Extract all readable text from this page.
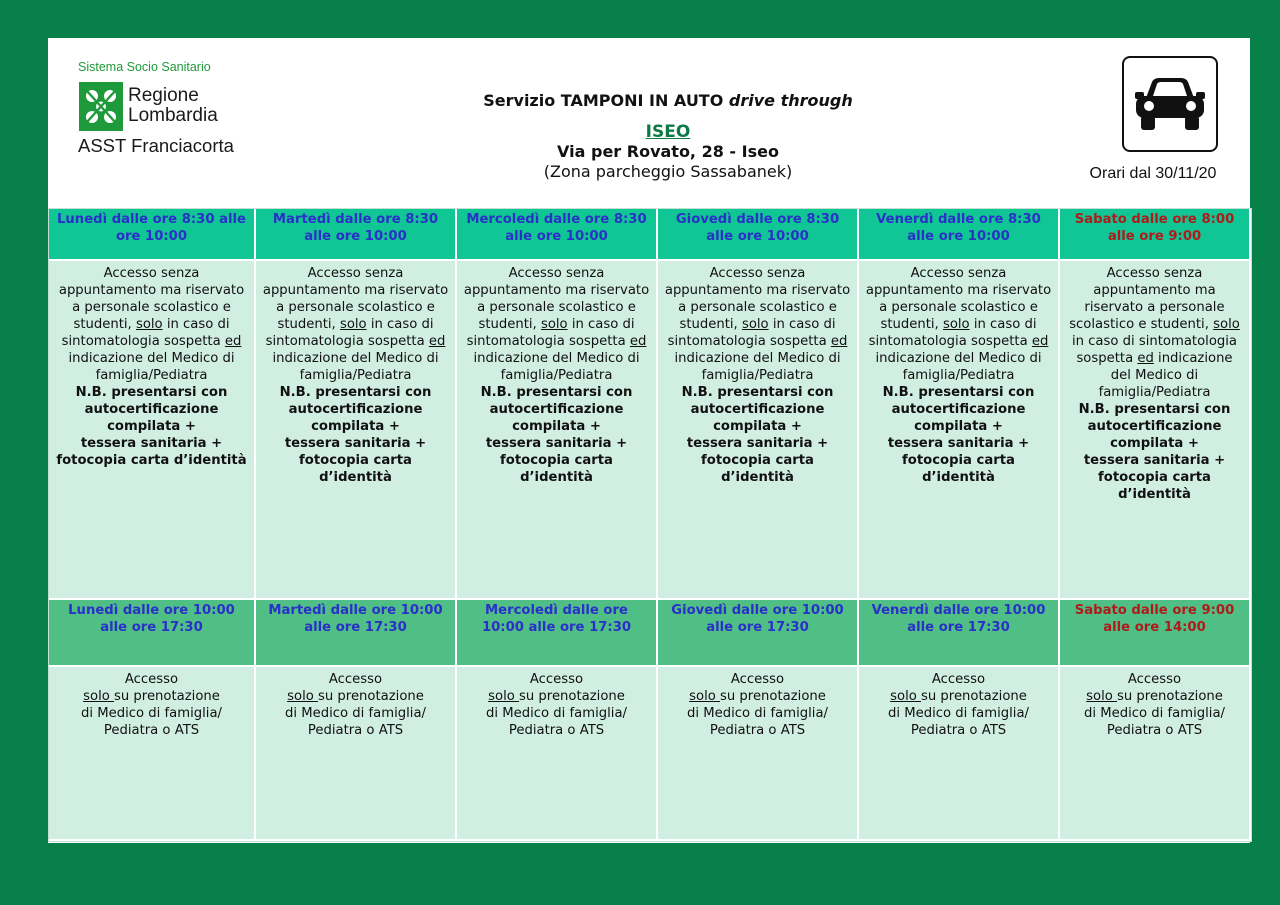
Sistema Socio Sanitario
Regione
Lombardia
ASST Franciacorta
Servizio TAMPONI IN AUTO drive through
ISEO
Via per Rovato, 28 - Iseo
(Zona parcheggio Sassabanek)	Orari dal 30/11/20
Lunedì dalle ore 8:30 alle ore 10:00
Martedì dalle ore 8:30 alle ore 10:00
Mercoledì dalle ore 8:30 alle ore 10:00
Giovedì dalle ore 8:30 alle ore 10:00
Venerdì dalle ore 8:30 alle ore 10:00
Sabato dalle ore 8:00 alle ore 9:00
Accesso senza appuntamento ma riservato a personale scolastico e studenti, solo in caso di sintomatologia sospetta ed indicazione del Medico di famiglia/Pediatra
N.B. presentarsi con autocertificazione
compilata +
tessera sanitaria +
fotocopia carta d’identità
Accesso senza appuntamento ma riservato a personale scolastico e studenti, solo in caso di sintomatologia sospetta ed indicazione del Medico di famiglia/Pediatra
N.B. presentarsi con autocertificazione
compilata +
tessera sanitaria +
fotocopia carta d’identità
Accesso senza appuntamento ma riservato a personale scolastico e studenti, solo in caso di sintomatologia sospetta ed indicazione del Medico di famiglia/Pediatra
N.B. presentarsi con autocertificazione
compilata +
tessera sanitaria +
fotocopia carta d’identità
Accesso senza appuntamento ma riservato a personale scolastico e studenti, solo in caso di sintomatologia sospetta ed indicazione del Medico di famiglia/Pediatra
N.B. presentarsi con autocertificazione
compilata +
tessera sanitaria +
fotocopia carta d’identità
Accesso senza appuntamento ma riservato a personale scolastico e studenti, solo in caso di sintomatologia sospetta ed indicazione del Medico di famiglia/Pediatra
N.B. presentarsi con autocertificazione
compilata +
tessera sanitaria +
fotocopia carta d’identità
Accesso senza appuntamento ma riservato a personale scolastico e studenti, solo in caso di sintomatologia sospetta ed indicazione del Medico di famiglia/Pediatra
N.B. presentarsi con autocertificazione
compilata +
tessera sanitaria +
fotocopia carta d’identità
Lunedì dalle ore 10:00 alle ore 17:30
Martedì dalle ore 10:00 alle ore 17:30
Mercoledì dalle ore 10:00 alle ore 17:30
Giovedì dalle ore 10:00 alle ore 17:30
Venerdì dalle ore 10:00 alle ore 17:30
Sabato dalle ore 9:00 alle ore 14:00
Accesso
solo su prenotazione
di Medico di famiglia/
Pediatra o ATS
Accesso
solo su prenotazione
di Medico di famiglia/
Pediatra o ATS
Accesso
solo su prenotazione
di Medico di famiglia/
Pediatra o ATS
Accesso
solo su prenotazione
di Medico di famiglia/
Pediatra o ATS
Accesso
solo su prenotazione
di Medico di famiglia/
Pediatra o ATS
Accesso
solo su prenotazione
di Medico di famiglia/
Pediatra o ATS
